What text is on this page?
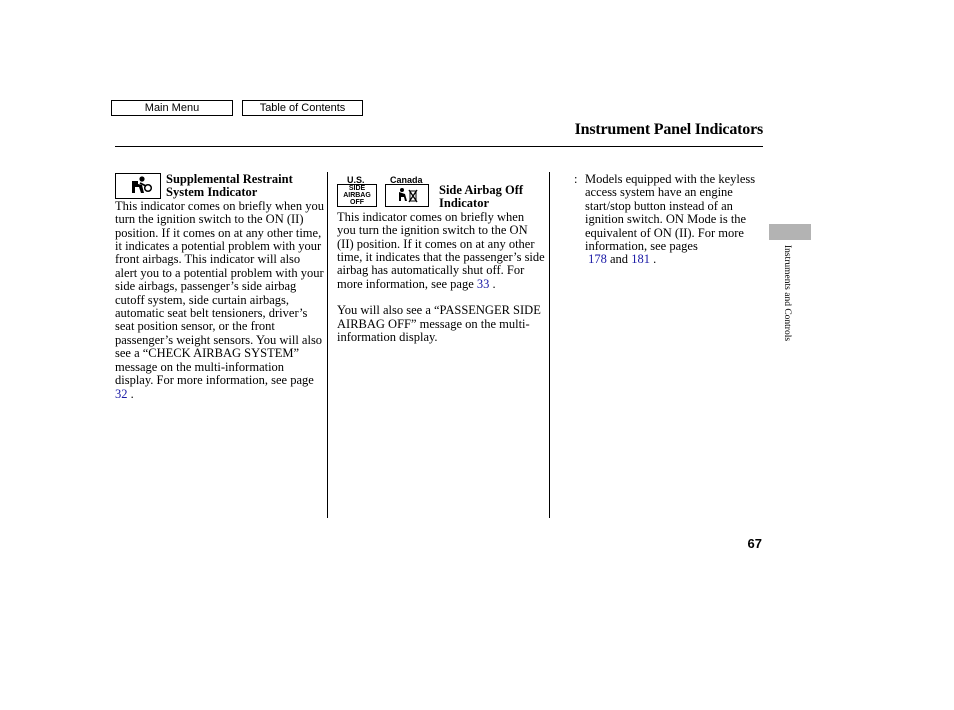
Main Menu	Table of Contents
Instrument Panel Indicators
Supplemental Restraint
System Indicator

This indicator comes on briefly when you turn the ignition switch to the ON (II) position. If it comes on at any other time, it indicates a potential problem with your front airbags. This indicator will also alert you to a potential problem with your side airbags, passenger’s side airbag cutoff system, side curtain airbags, automatic seat belt tensioners, driver’s seat position sensor, or the front passenger’s weight sensors. You will also see a “CHECK AIRBAG SYSTEM” message on the multi-information display. For more information, see page 32 .

U.S.	Canada
SIDE
AIRBAG
OFF
Side Airbag Off
Indicator

This indicator comes on briefly when you turn the ignition switch to the ON (II) position. If it comes on at any other time, it indicates that the passenger’s side airbag has automatically shut off. For more information, see page 33 .

You will also see a “PASSENGER SIDE AIRBAG OFF” message on the multi-information display.

: Models equipped with the keyless access system have an engine start/stop button instead of an ignition switch. ON Mode is the equivalent of ON (II). For more information, see pages
178 and 181 .	Instruments and Controls
67
